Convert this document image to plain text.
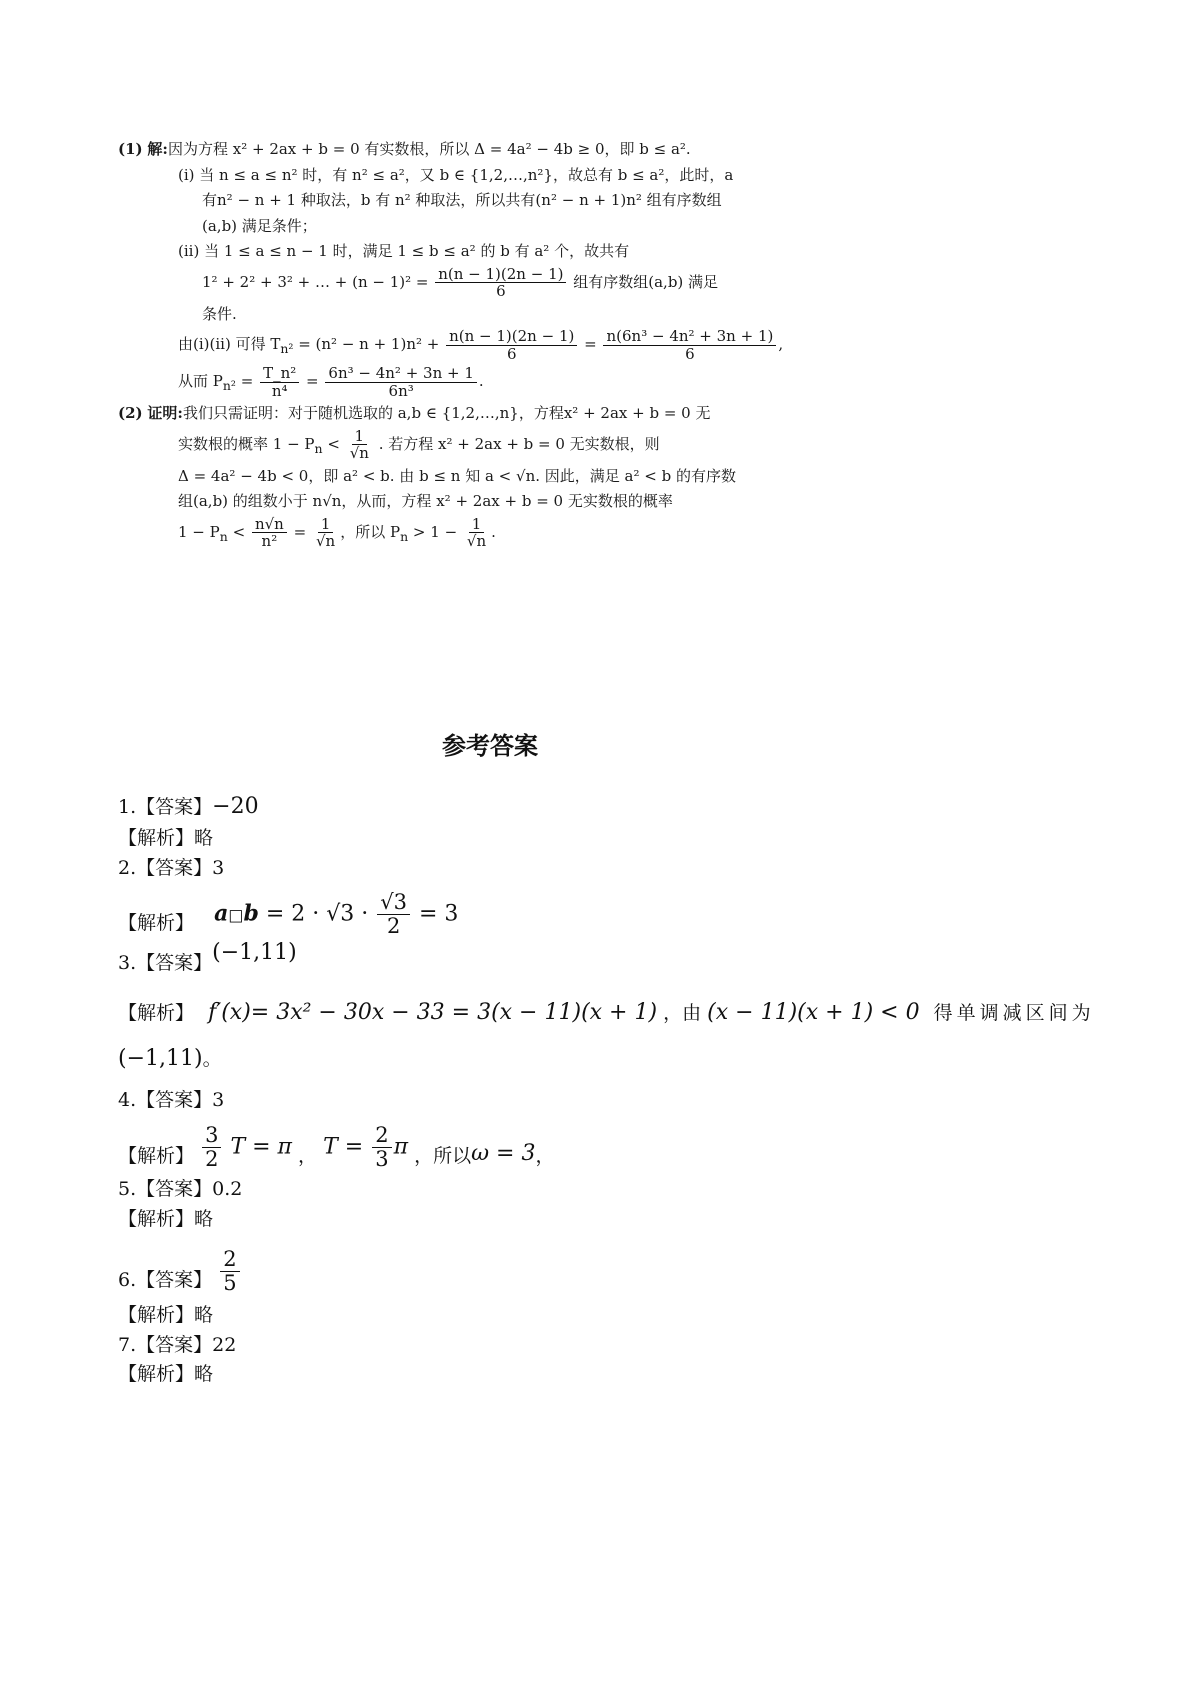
(1) 解:因为方程 x² + 2ax + b = 0 有实数根，所以 Δ = 4a² − 4b ≥ 0，即 b ≤ a².
(i) 当 n ≤ a ≤ n² 时，有 n² ≤ a²，又 b ∈ {1,2,…,n²}，故总有 b ≤ a²，此时，a
有n² − n + 1 种取法，b 有 n² 种取法，所以共有(n² − n + 1)n² 组有序数组
(a,b) 满足条件；
(ii) 当 1 ≤ a ≤ n − 1 时，满足 1 ≤ b ≤ a² 的 b 有 a² 个，故共有
1² + 2² + 3² + … + $(n - 1)^2 = \frac{n(n - 1)(2n - 1)}{6}$ 组有序数组(a,b) 满足
条件.
由(i)(ii) 可得 $T_{n^2} = (n^2 - n + 1)n^2 + \frac{n(n - 1)(2n - 1)}{6} = \frac{\text{n(6n³ − 4n² + 3n + 1)}}{6}$ ,
从而 $P_{n^2} = \frac{\text{T\_n²}}{\text{n⁴}} = \frac{\text{6n³ − 4n² + 3n + 1}}{\text{6n³}}$ .
(2) 证明:我们只需证明：对于随机选取的 a,b ∈ {1,2,…,n}，方程x² + 2ax + b = 0 无
实数根的概率 $1 - P_n < \frac{1}{√n}$ . 若方程 x² + 2ax + b = 0 无实数根，则
Δ = 4a² − 4b < 0，即 a² < b. 由 b ≤ n 知 a < √n. 因此，满足 a² < b 的有序数
组(a,b) 的组数小于 n√n，从而，方程 x² + 2ax + b = 0 无实数根的概率
$1 - P_n < \frac{n√n}{\text{n²}} = \frac{1}{√n}$ ，所以 $P_n > 1 - \frac{1}{√n}$ .
参考答案
1.【答案】−20
【解析】略
2.【答案】3
【解析】 a□b = $2 \cdot √3 \cdot \frac{√3}{2} = 3$
3.【答案】(−1,11)
【解析】 f′(x)= 3x² − 30x − 33 = 3(x − 11)(x + 1) ，由 (x − 11)(x + 1) < 0 得单调减区间为
(−1,11)。
4.【答案】3
【解析】 $\frac{3}{2}$ T = π ， $T = \frac{2}{3}$ π ，所以ω = 3，
5.【答案】0.2
【解析】略
6.【答案】 $\frac{2}{5}$
【解析】略
7.【答案】22
【解析】略
